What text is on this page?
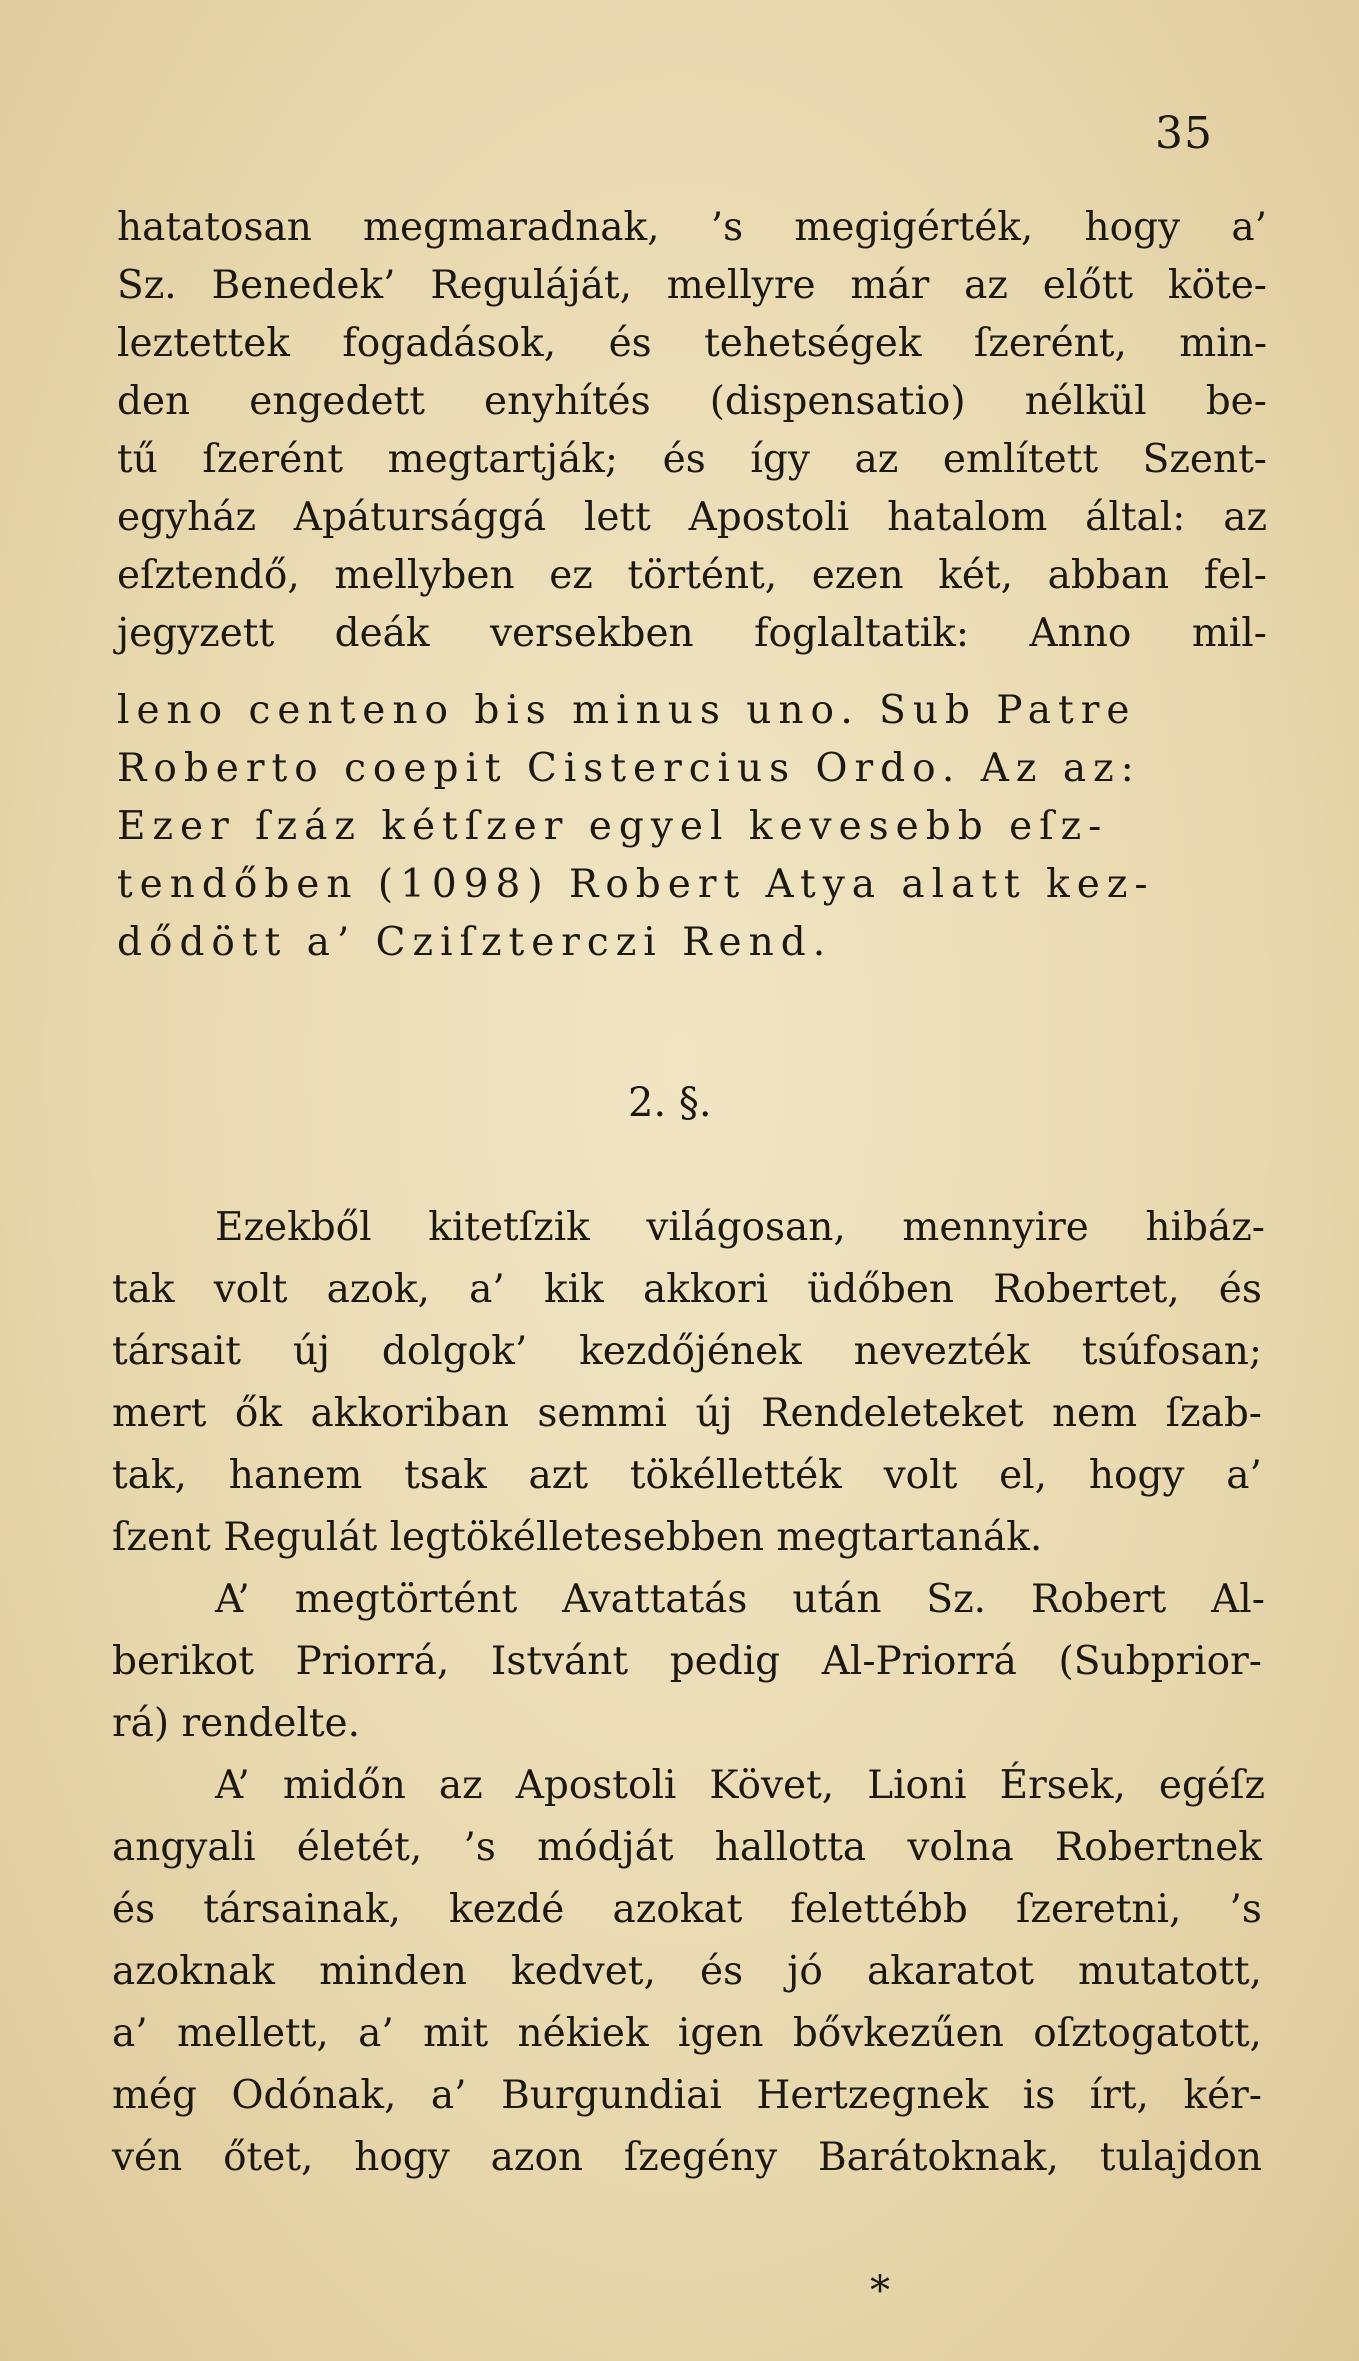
35
hatatosan megmaradnak, ’s megigérték, hogy a’
Sz. Benedek’ Reguláját, mellyre már az előtt köte-
leztettek fogadások, és tehetségek ſzerént, min-
den engedett enyhítés (dispensatio) nélkül be-
tű ſzerént megtartják; és így az említett Szent-
egyház Apátursággá lett Apostoli hatalom által: az
eſztendő, mellyben ez történt, ezen két, abban fel-
jegyzett deák versekben foglaltatik: Anno mil-
leno centeno bis minus uno. Sub Patre
Roberto coepit Cistercius Ordo. Az az:
Ezer ſzáz kétſzer egyel kevesebb eſz-
tendőben (1098) Robert Atya alatt kez-
dődött a’ Cziſzterczi Rend.
2. §.
Ezekből kitetſzik világosan, mennyire hibáz-
tak volt azok, a’ kik akkori üdőben Robertet, és
társait új dolgok’ kezdőjének nevezték tsúfosan;
mert ők akkoriban semmi új Rendeleteket nem ſzab-
tak, hanem tsak azt tökéllették volt el, hogy a’
ſzent Regulát legtökélletesebben megtartanák.
A’ megtörtént Avattatás után Sz. Robert Al-
berikot Priorrá, Istvánt pedig Al-Priorrá (Subprior-
rá) rendelte.
A’ midőn az Apostoli Követ, Lioni Érsek, egéſz
angyali életét, ’s módját hallotta volna Robertnek
és társainak, kezdé azokat felettébb ſzeretni, ’s
azoknak minden kedvet, és jó akaratot mutatott,
a’ mellett, a’ mit nékiek igen bővkezűen oſztogatott,
még Odónak, a’ Burgundiai Hertzegnek is írt, kér-
vén őtet, hogy azon ſzegény Barátoknak, tulajdon
*
